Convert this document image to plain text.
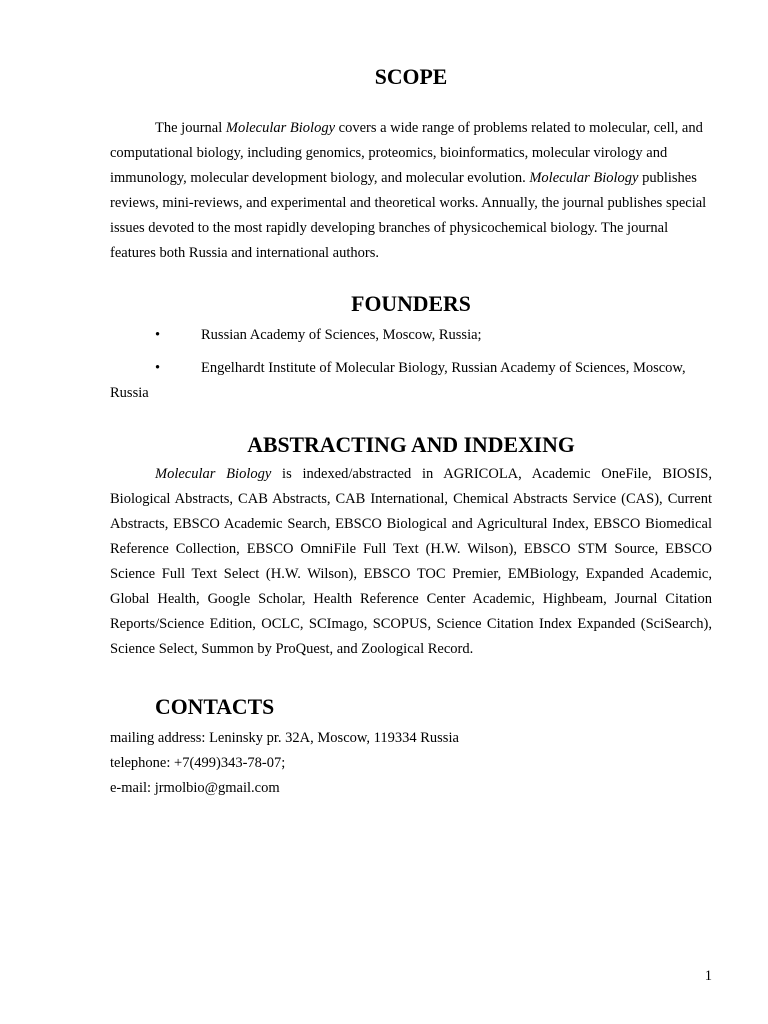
SCOPE

The journal Molecular Biology covers a wide range of problems related to molecular, cell, and computational biology, including genomics, proteomics, bioinformatics, molecular virology and immunology, molecular development biology, and molecular evolution. Molecular Biology publishes reviews, mini-reviews, and experimental and theoretical works. Annually, the journal publishes special issues devoted to the most rapidly developing branches of physicochemical biology. The journal features both Russia and international authors.

FOUNDERS
•	Russian Academy of Sciences, Moscow, Russia;
•	Engelhardt Institute of Molecular Biology, Russian Academy of Sciences, Moscow, Russia
ABSTRACTING AND INDEXING

Molecular Biology is indexed/abstracted in AGRICOLA, Academic OneFile, BIOSIS, Biological Abstracts, CAB Abstracts, CAB International, Chemical Abstracts Service (CAS), Current Abstracts, EBSCO Academic Search, EBSCO Biological and Agricultural Index, EBSCO Biomedical Reference Collection, EBSCO OmniFile Full Text (H.W. Wilson), EBSCO STM Source, EBSCO Science Full Text Select (H.W. Wilson), EBSCO TOC Premier, EMBiology, Expanded Academic, Global Health, Google Scholar, Health Reference Center Academic, Highbeam, Journal Citation Reports/Science Edition, OCLC, SCImago, SCOPUS, Science Citation Index Expanded (SciSearch), Science Select, Summon by ProQuest, and Zoological Record.

CONTACTS

mailing address: Leninsky pr. 32A, Moscow, 119334 Russia

telephone: +7(499)343-78-07;

e-mail: jrmolbio@gmail.com

1
